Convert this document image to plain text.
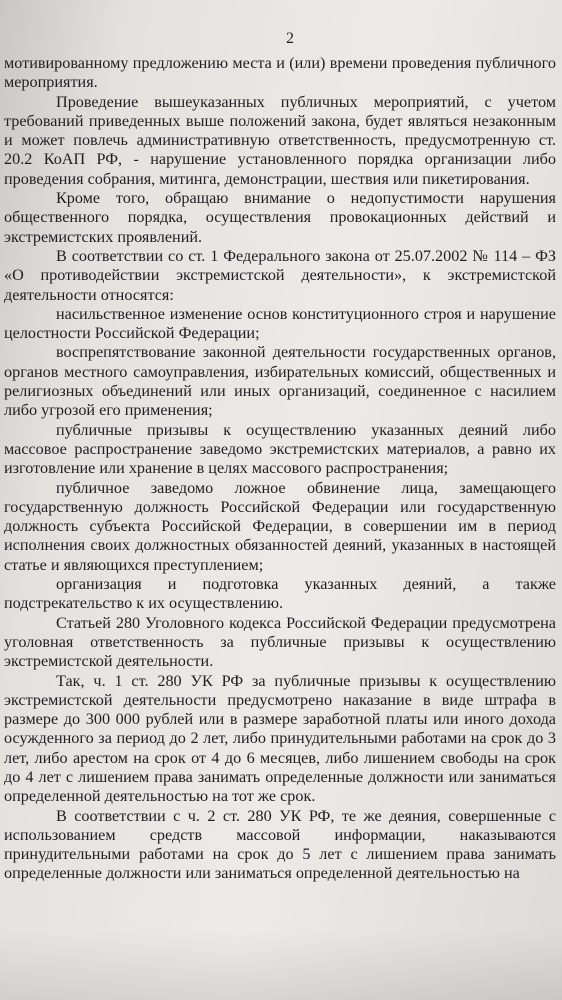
2

мотивированному предложению места и (или) времени проведения публичного мероприятия.

Проведение вышеуказанных публичных мероприятий, с учетом требований приведенных выше положений закона, будет являться незаконным и может повлечь административную ответственность, предусмотренную ст. 20.2 КоАП РФ, - нарушение установленного порядка организации либо проведения собрания, митинга, демонстрации, шествия или пикетирования.

Кроме того, обращаю внимание о недопустимости нарушения общественного порядка, осуществления провокационных действий и экстремистских проявлений.

В соответствии со ст. 1 Федерального закона от 25.07.2002 № 114 – ФЗ «О противодействии экстремистской деятельности», к экстремистской деятельности относятся:

насильственное изменение основ конституционного строя и нарушение целостности Российской Федерации;

воспрепятствование законной деятельности государственных органов, органов местного самоуправления, избирательных комиссий, общественных и религиозных объединений или иных организаций, соединенное с насилием либо угрозой его применения;

публичные призывы к осуществлению указанных деяний либо массовое распространение заведомо экстремистских материалов, а равно их изготовление или хранение в целях массового распространения;

публичное заведомо ложное обвинение лица, замещающего государственную должность Российской Федерации или государственную должность субъекта Российской Федерации, в совершении им в период исполнения своих должностных обязанностей деяний, указанных в настоящей статье и являющихся преступлением;

организация и подготовка указанных деяний, а также подстрекательство к их осуществлению.

Статьей 280 Уголовного кодекса Российской Федерации предусмотрена уголовная ответственность за публичные призывы к осуществлению экстремистской деятельности.

Так, ч. 1 ст. 280 УК РФ за публичные призывы к осуществлению экстремистской деятельности предусмотрено наказание в виде штрафа в размере до 300 000 рублей или в размере заработной платы или иного дохода осужденного за период до 2 лет, либо принудительными работами на срок до 3 лет, либо арестом на срок от 4 до 6 месяцев, либо лишением свободы на срок до 4 лет с лишением права занимать определенные должности или заниматься определенной деятельностью на тот же срок.

В соответствии с ч. 2 ст. 280 УК РФ, те же деяния, совершенные с использованием средств массовой информации, наказываются принудительными работами на срок до 5 лет с лишением права занимать определенные должности или заниматься определенной деятельностью на
